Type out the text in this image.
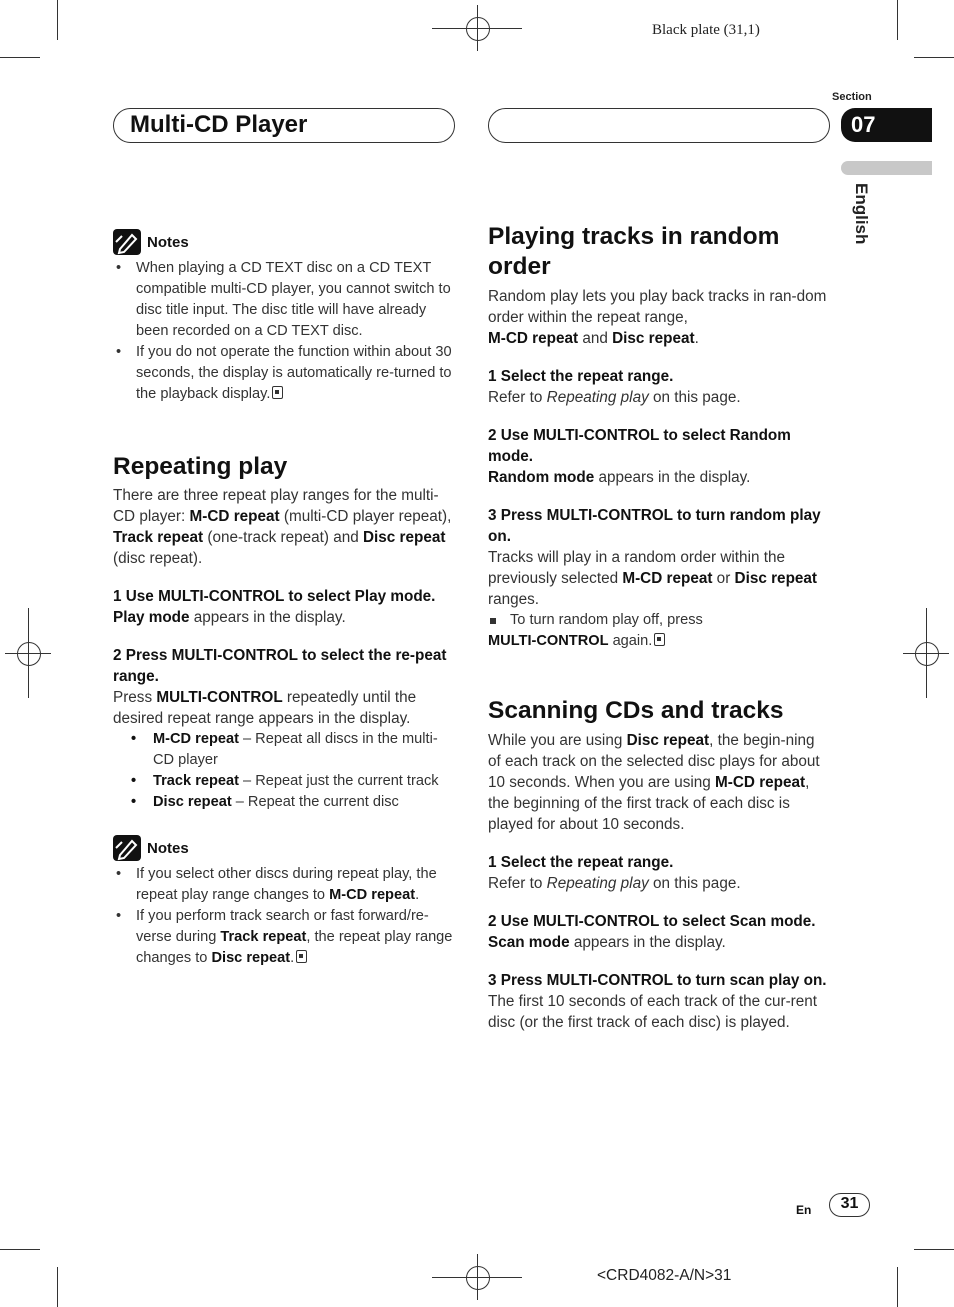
Black plate (31,1)
Multi-CD Player
Section
07
English
Notes
• When playing a CD TEXT disc on a CD TEXT compatible multi-CD player, you cannot switch to disc title input. The disc title will have already been recorded on a CD TEXT disc.
• If you do not operate the function within about 30 seconds, the display is automatically re-turned to the playback display.
Repeating play

There are three repeat play ranges for the multi-CD player: M-CD repeat (multi-CD player repeat), Track repeat (one-track repeat) and Disc repeat (disc repeat).

1 Use MULTI-CONTROL to select Play mode.

Play mode appears in the display.

2 Press MULTI-CONTROL to select the re-peat range.

Press MULTI-CONTROL repeatedly until the desired repeat range appears in the display.

• M-CD repeat – Repeat all discs in the multi-CD player
• Track repeat – Repeat just the current track
• Disc repeat – Repeat the current disc
Notes
• If you select other discs during repeat play, the repeat play range changes to M-CD repeat.
• If you perform track search or fast forward/re-verse during Track repeat, the repeat play range changes to Disc repeat.
Playing tracks in random order

Random play lets you play back tracks in ran-dom order within the repeat range,
M-CD repeat and Disc repeat.

1 Select the repeat range.

Refer to Repeating play on this page.

2 Use MULTI-CONTROL to select Random mode.

Random mode appears in the display.

3 Press MULTI-CONTROL to turn random play on.

Tracks will play in a random order within the previously selected M-CD repeat or Disc repeat ranges.

To turn random play off, press

MULTI-CONTROL again.

Scanning CDs and tracks

While you are using Disc repeat, the begin-ning of each track on the selected disc plays for about 10 seconds. When you are using M-CD repeat, the beginning of the first track of each disc is played for about 10 seconds.

1 Select the repeat range.

Refer to Repeating play on this page.

2 Use MULTI-CONTROL to select Scan mode.

Scan mode appears in the display.

3 Press MULTI-CONTROL to turn scan play on.

The first 10 seconds of each track of the cur-rent disc (or the first track of each disc) is played.

En	31
<CRD4082-A/N>31
